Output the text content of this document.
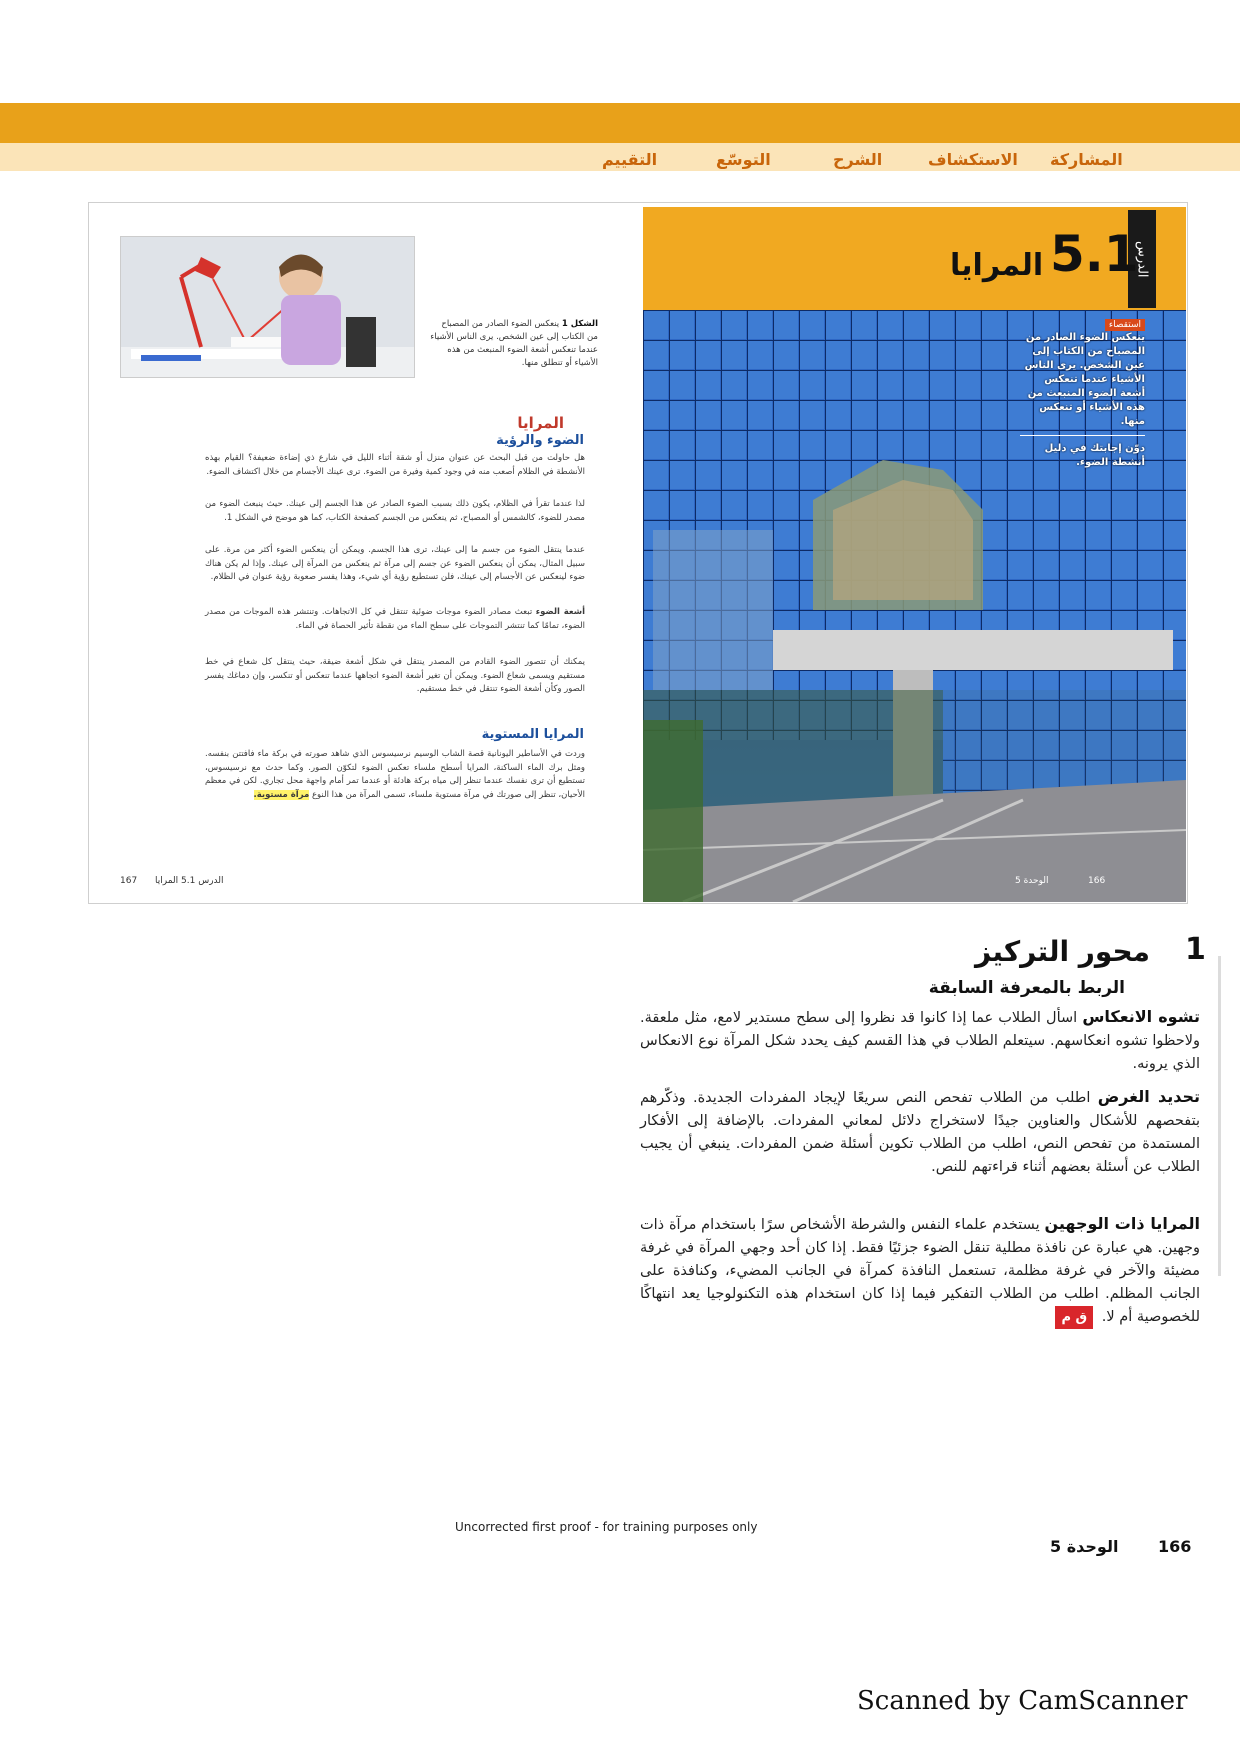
المشاركة
الاستكشاف
الشرح
التوسّع
التقييم
الدرس
5.1
المرايا
استقصاء
ينعكس الضوء الصادر من المصباح من الكتاب إلى عين الشخص. يرى الناس الأشياء عندما تنعكس أشعة الضوء المنبعث من هذه الأشياء أو تنعكس منها.
دوّن إجابتك في دليل أنشطة الضوء.
الشكل 1 ينعكس الضوء الصادر من المصباح من الكتاب إلى عين الشخص. يرى الناس الأشياء عندما تنعكس أشعة الضوء المنبعث من هذه الأشياء أو تنطلق منها.
المرايا
الضوء والرؤية
هل حاولت من قبل البحث عن عنوان منزل أو شقة أثناء الليل في شارع ذي إضاءة ضعيفة؟ القيام بهذه الأنشطة في الظلام أصعب منه في وجود كمية وفيرة من الضوء. ترى عينك الأجسام من خلال اكتشاف الضوء.
لذا عندما تقرأ في الظلام، يكون ذلك بسبب الضوء الصادر عن هذا الجسم إلى عينك. حيث ينبعث الضوء من مصدر للضوء، كالشمس أو المصباح، ثم ينعكس من الجسم كصفحة الكتاب، كما هو موضح في الشكل 1.
عندما ينتقل الضوء من جسم ما إلى عينك، ترى هذا الجسم. ويمكن أن ينعكس الضوء أكثر من مرة. على سبيل المثال، يمكن أن ينعكس الضوء عن جسم إلى مرآة ثم ينعكس من المرآة إلى عينك. وإذا لم يكن هناك ضوء لينعكس عن الأجسام إلى عينك، فلن تستطيع رؤية أي شيء، وهذا يفسر صعوبة رؤية عنوان في الظلام.
أشعة الضوء تبعث مصادر الضوء موجات ضوئية تنتقل في كل الاتجاهات. وتنتشر هذه الموجات من مصدر الضوء، تمامًا كما تنتشر التموجات على سطح الماء من نقطة تأثير الحصاة في الماء.
يمكنك أن تتصور الضوء القادم من المصدر ينتقل في شكل أشعة ضيقة، حيث ينتقل كل شعاع في خط مستقيم ويسمى شعاع الضوء. ويمكن أن تغير أشعة الضوء اتجاهها عندما تنعكس أو تنكسر، وإن دماغك يفسر الصور وكأن أشعة الضوء تنتقل في خط مستقيم.
المرايا المستوية
وردت في الأساطير اليونانية قصة الشاب الوسيم نرسيسوس الذي شاهد صورته في بركة ماء فافتتن بنفسه. ومثل برك الماء الساكنة، المرايا أسطح ملساء تعكس الضوء لتكوّن الصور. وكما حدث مع نرسيسوس، تستطيع أن ترى نفسك عندما تنظر إلى مياه بركة هادئة أو عندما تمر أمام واجهة محل تجاري. لكن في معظم الأحيان، تنظر إلى صورتك في مرآة مستوية ملساء، تسمى المرآة من هذا النوع مرآة مستوية.
167 الدرس 5.1 المرايا	166
الوحدة 5
1
محور التركيز
الربط بالمعرفة السابقة
تشوه الانعكاس اسأل الطلاب عما إذا كانوا قد نظروا إلى سطح مستدير لامع، مثل ملعقة. ولاحظوا تشوه انعكاسهم. سيتعلم الطلاب في هذا القسم كيف يحدد شكل المرآة نوع الانعكاس الذي يرونه.
تحديد الغرض اطلب من الطلاب تفحص النص سريعًا لإيجاد المفردات الجديدة. وذكّرهم بتفحصهم للأشكال والعناوين جيدًا لاستخراج دلائل لمعاني المفردات. بالإضافة إلى الأفكار المستمدة من تفحص النص، اطلب من الطلاب تكوين أسئلة ضمن المفردات. ينبغي أن يجيب الطلاب عن أسئلة بعضهم أثناء قراءتهم للنص.
المرايا ذات الوجهين يستخدم علماء النفس والشرطة الأشخاص سرًا باستخدام مرآة ذات وجهين. هي عبارة عن نافذة مطلية تنقل الضوء جزئيًا فقط. إذا كان أحد وجهي المرآة في غرفة مضيئة والآخر في غرفة مظلمة، تستعمل النافذة كمرآة في الجانب المضيء، وكنافذة على الجانب المظلم. اطلب من الطلاب التفكير فيما إذا كان استخدام هذه التكنولوجيا يعد انتهاكًا للخصوصية أم لا. ق م
Uncorrected first proof - for training purposes only
166
الوحدة 5
Scanned by CamScanner
